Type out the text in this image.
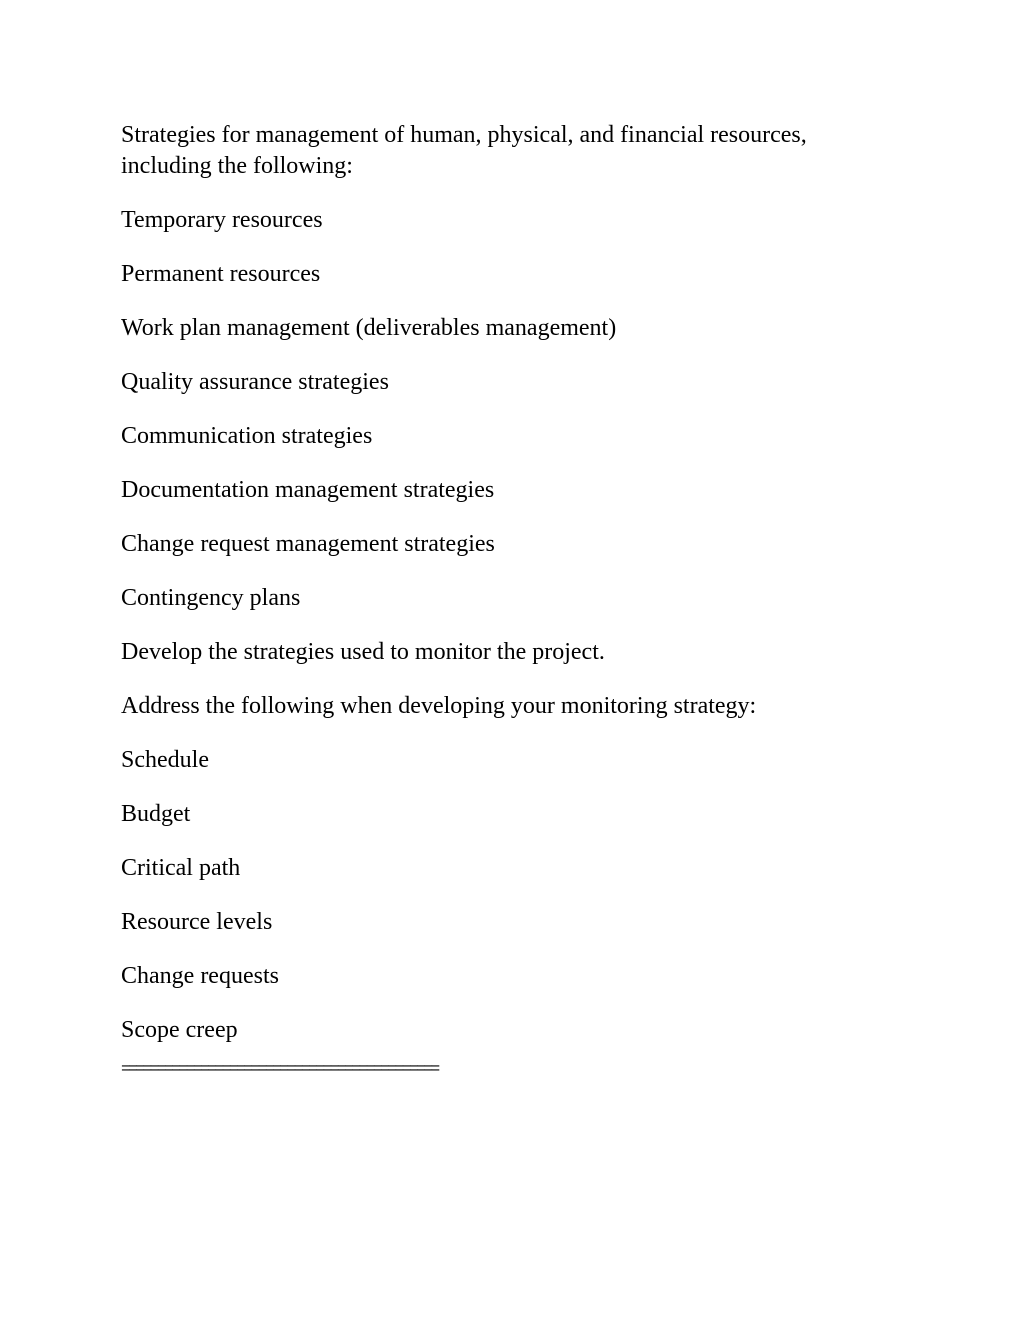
Strategies for management of human, physical, and financial resources, including the following:

Temporary resources

Permanent resources

Work plan management (deliverables management)

Quality assurance strategies

Communication strategies

Documentation management strategies

Change request management strategies

Contingency plans

Develop the strategies used to monitor the project.

Address the following when developing your monitoring strategy:

Schedule

Budget

Critical path

Resource levels

Change requests

Scope creep

============================================
